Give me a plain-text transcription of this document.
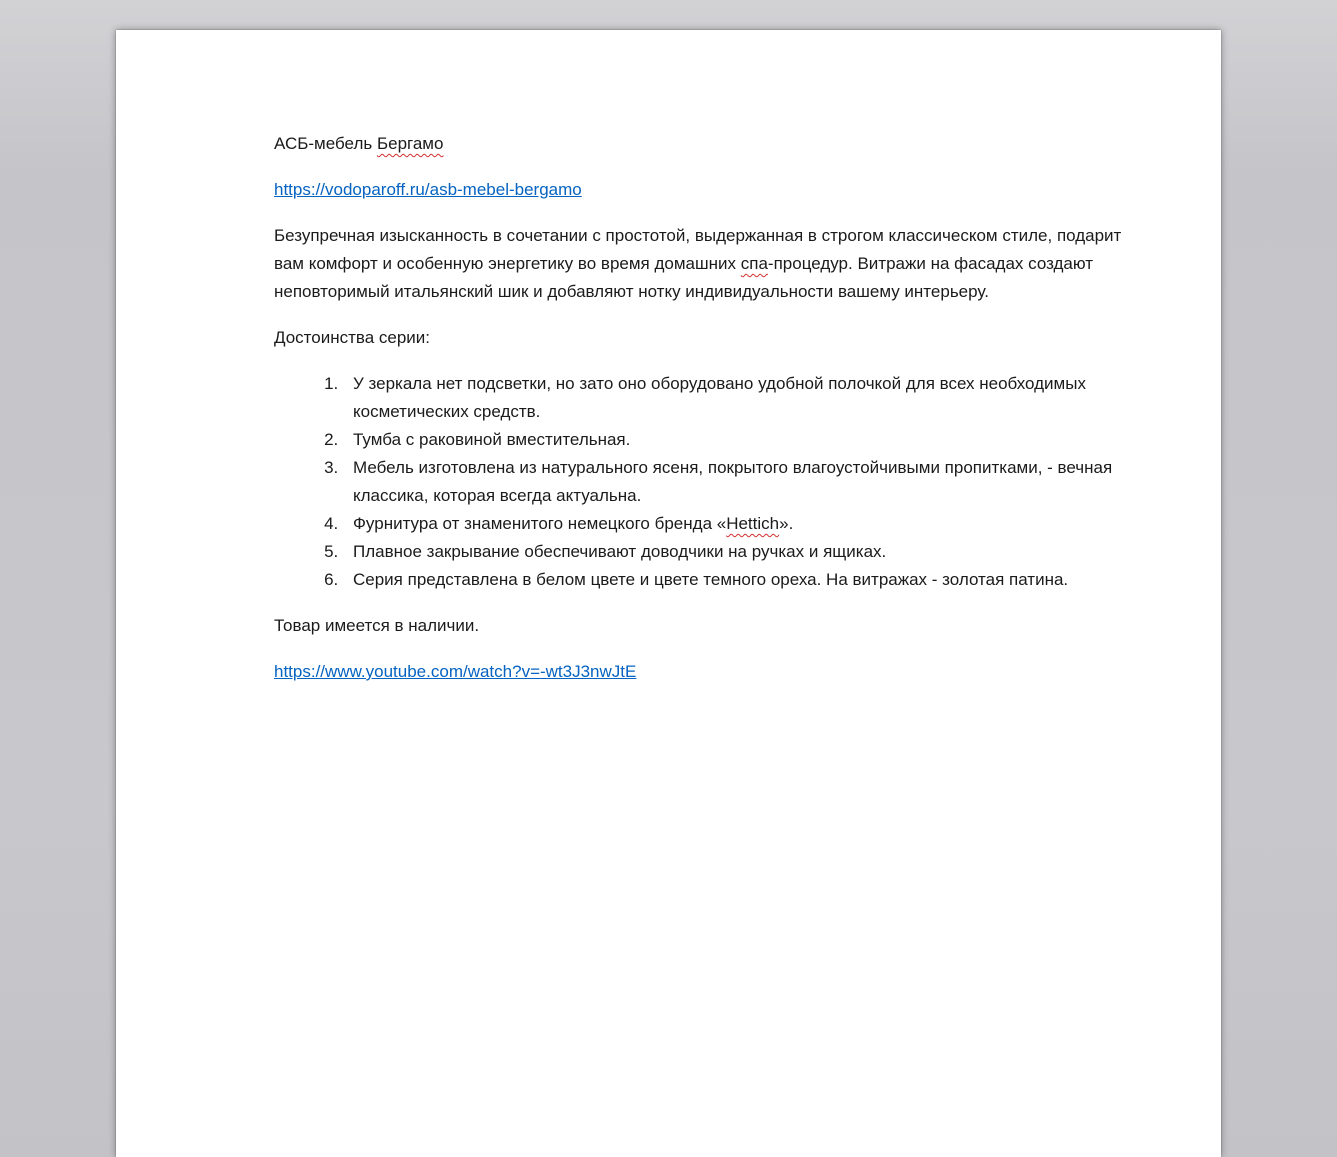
АСБ-мебель Бергамо

https://vodoparoff.ru/asb-mebel-bergamo

Безупречная изысканность в сочетании с простотой, выдержанная в строгом классическом стиле, подарит вам комфорт и особенную энергетику во время домашних спа-процедур. Витражи на фасадах создают неповторимый итальянский шик и добавляют нотку индивидуальности вашему интерьеру.

Достоинства серии:

1. У зеркала нет подсветки, но зато оно оборудовано удобной полочкой для всех необходимых косметических средств.
2. Тумба с раковиной вместительная.
3. Мебель изготовлена из натурального ясеня, покрытого влагоустойчивыми пропитками, - вечная классика, которая всегда актуальна.
4. Фурнитура от знаменитого немецкого бренда «Hettich».
5. Плавное закрывание обеспечивают доводчики на ручках и ящиках.
6. Серия представлена в белом цвете и цвете темного ореха. На витражах - золотая патина.

Товар имеется в наличии.

https://www.youtube.com/watch?v=-wt3J3nwJtE
